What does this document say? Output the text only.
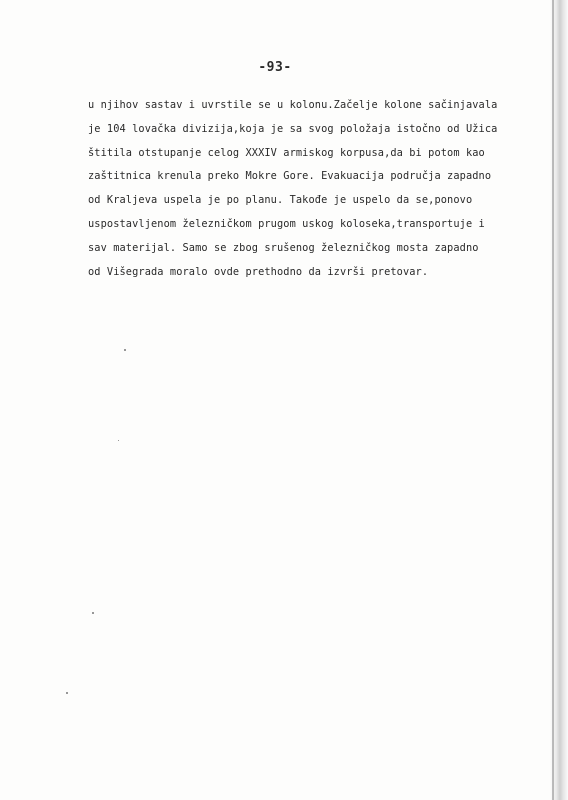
-93-
u njihov sastav i uvrstile se u kolonu.Začelje kolone sačinjavala
je 104 lovačka divizija,koja je sa svog položaja istočno od Užica
štitila otstupanje celog XXXIV armiskog korpusa,da bi potom kao
zaštitnica krenula preko Mokre Gore. Evakuacija područja zapadno
od Kraljeva uspela je po planu. Takođe je uspelo da se,ponovo
uspostavljenom železničkom prugom uskog koloseka,transportuje i
sav materijal. Samo se zbog srušenog železničkog mosta zapadno
od Višegrada moralo ovde prethodno da izvrši pretovar.
